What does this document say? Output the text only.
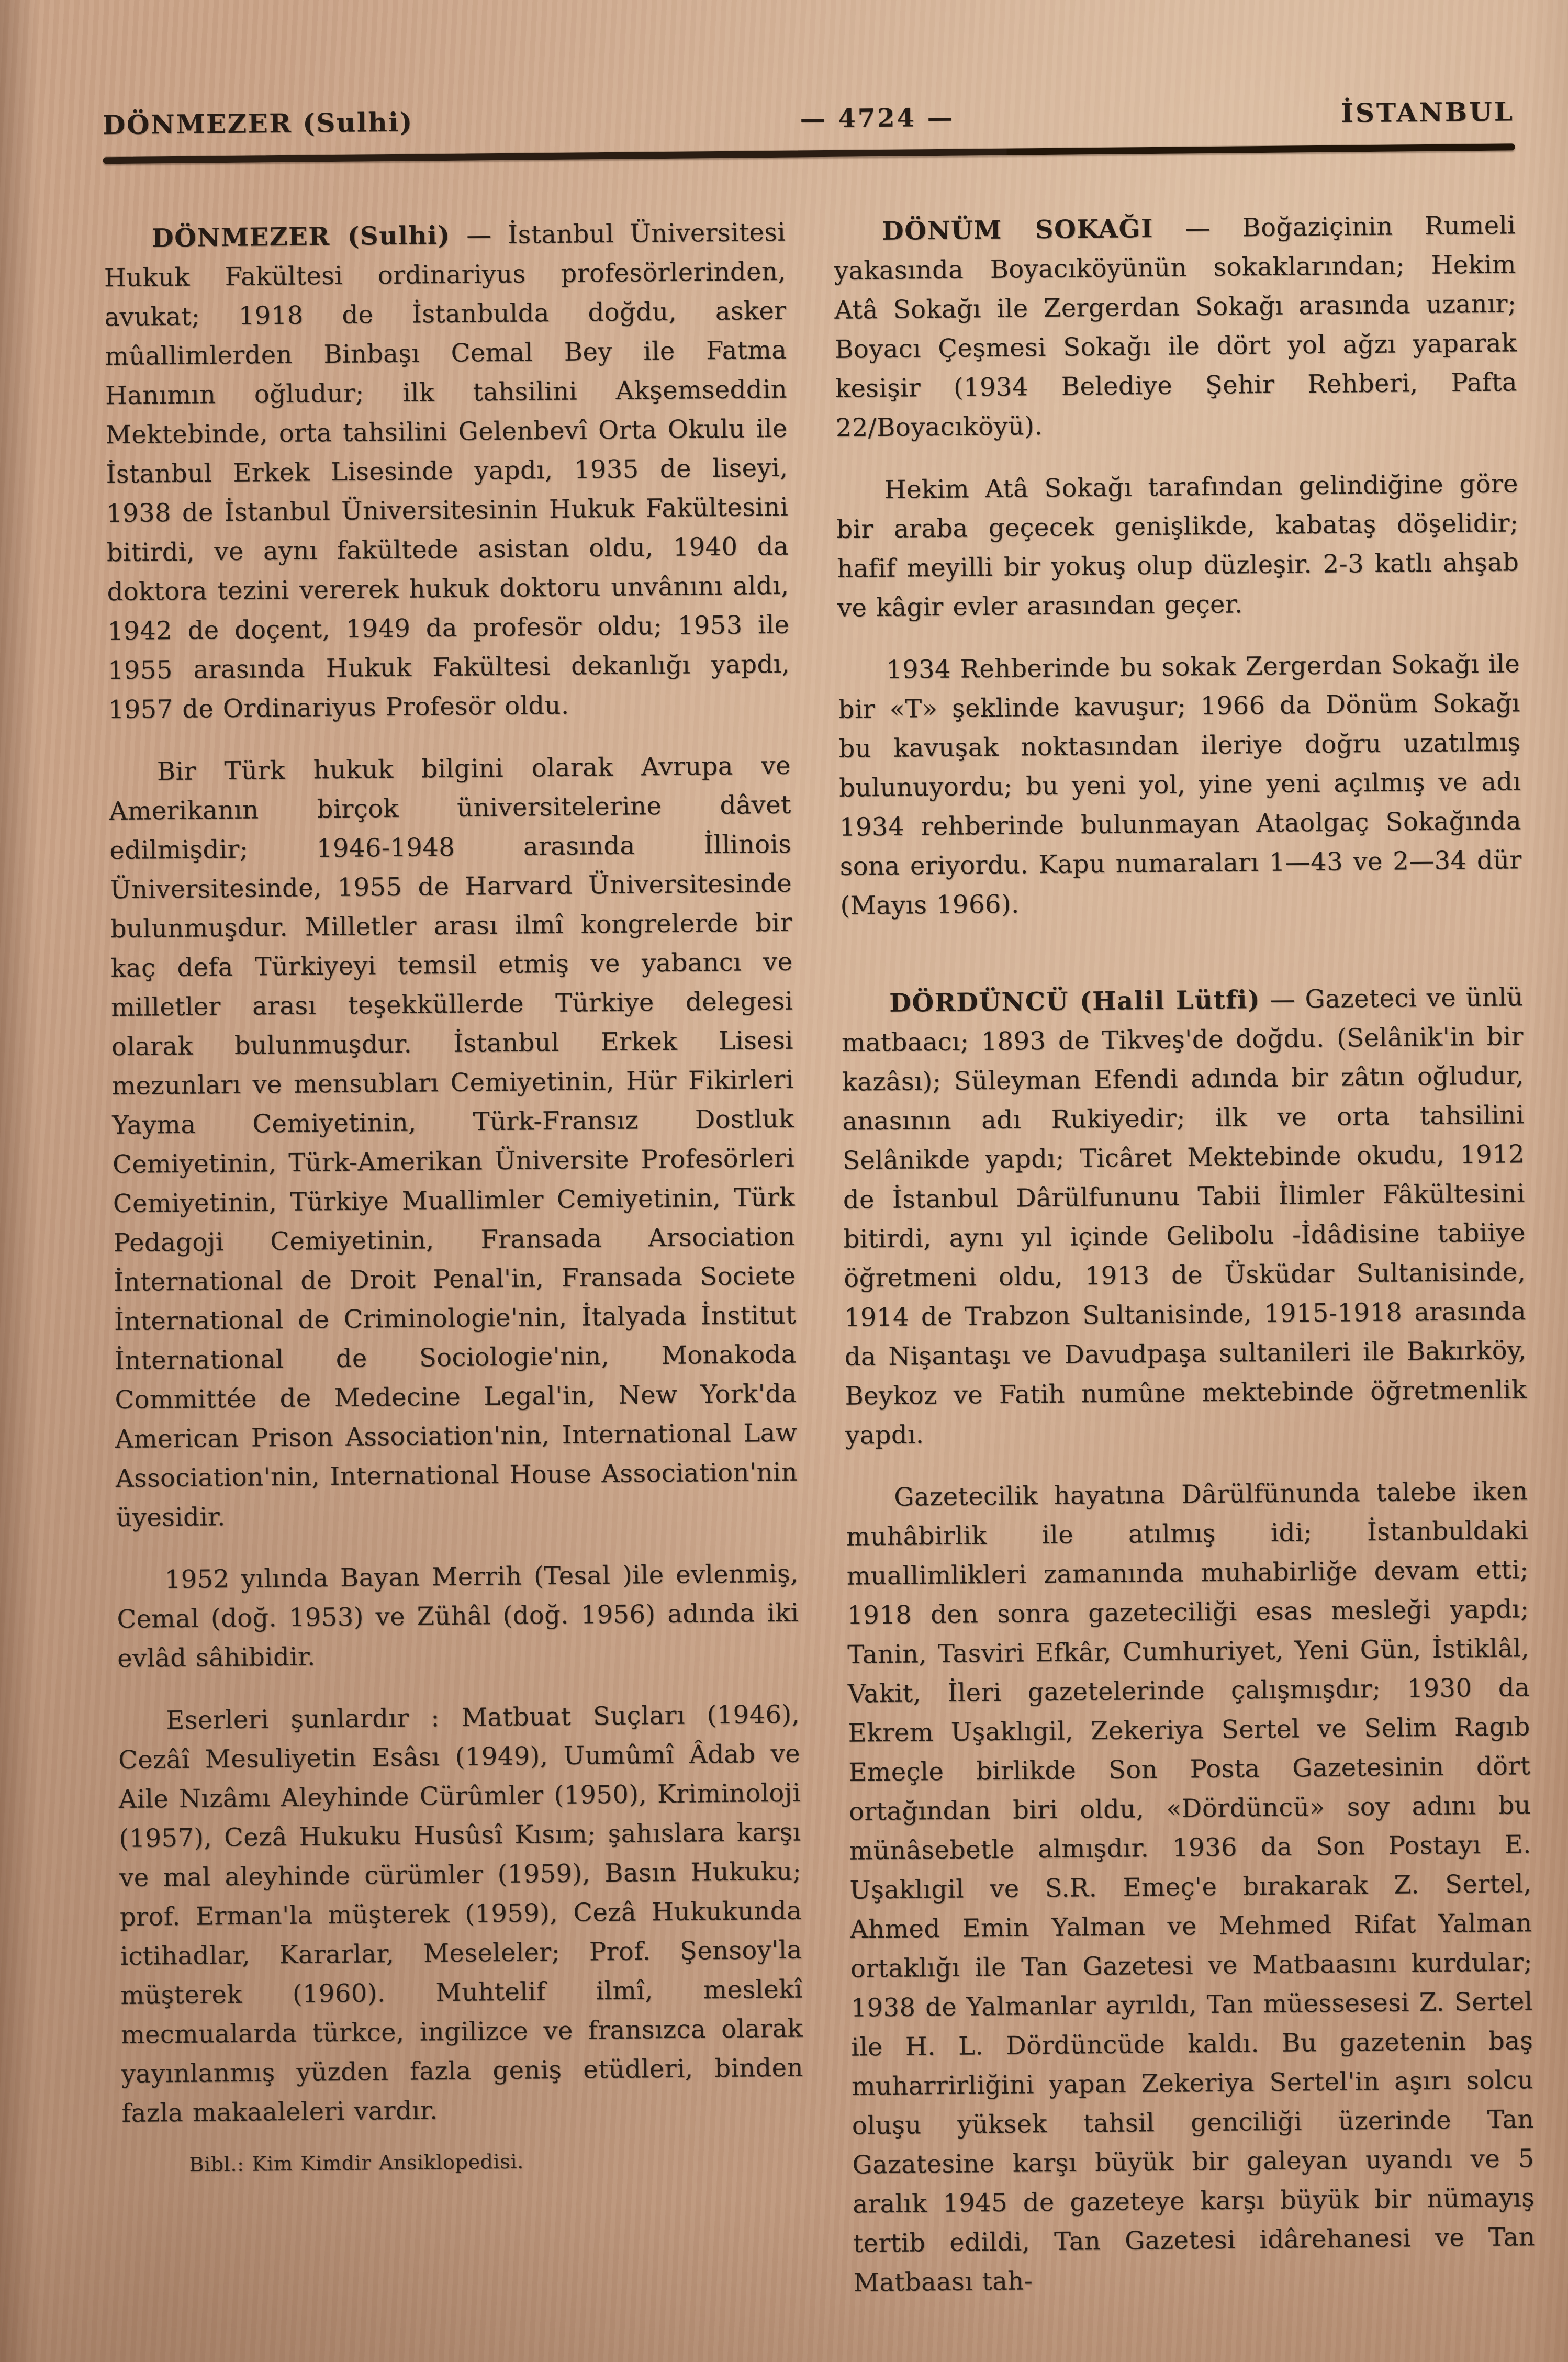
DÖNMEZER (Sulhi)	— 4724 —	İSTANBUL

DÖNMEZER (Sulhi) — İstanbul Üniversitesi Hukuk Fakültesi ordinariyus profesörlerinden, avukat; 1918 de İstanbulda doğdu, asker mûallimlerden Binbaşı Cemal Bey ile Fatma Hanımın oğludur; ilk tahsilini Akşemseddin Mektebinde, orta tahsilini Gelenbevî Orta Okulu ile İstanbul Erkek Lisesinde yapdı, 1935 de liseyi, 1938 de İstanbul Üniversitesinin Hukuk Fakültesini bitirdi, ve aynı fakültede asistan oldu, 1940 da doktora tezini vererek hukuk doktoru unvânını aldı, 1942 de doçent, 1949 da profesör oldu; 1953 ile 1955 arasında Hukuk Fakültesi dekanlığı yapdı, 1957 de Ordinariyus Profesör oldu.

Bir Türk hukuk bilgini olarak Avrupa ve Amerikanın birçok üniversitelerine dâvet edilmişdir; 1946-1948 arasında İllinois Üniversitesinde, 1955 de Harvard Üniversitesinde bulunmuşdur. Milletler arası ilmî kongrelerde bir kaç defa Türkiyeyi temsil etmiş ve yabancı ve milletler arası teşekküllerde Türkiye delegesi olarak bulunmuşdur. İstanbul Erkek Lisesi mezunları ve mensubları Cemiyetinin, Hür Fikirleri Yayma Cemiyetinin, Türk-Fransız Dostluk Cemiyetinin, Türk-Amerikan Üniversite Profesörleri Cemiyetinin, Türkiye Muallimler Cemiyetinin, Türk Pedagoji Cemiyetinin, Fransada Arsociation İnternational de Droit Penal'in, Fransada Societe İnternational de Criminologie'nin, İtalyada İnstitut İnternational de Sociologie'nin, Monakoda Committée de Medecine Legal'in, New York'da American Prison Association'nin, International Law Association'nin, International House Association'nin üyesidir.

1952 yılında Bayan Merrih (Tesal )ile evlenmiş, Cemal (doğ. 1953) ve Zühâl (doğ. 1956) adında iki evlâd sâhibidir.

Eserleri şunlardır : Matbuat Suçları (1946), Cezâî Mesuliyetin Esâsı (1949), Uumûmî Âdab ve Aile Nızâmı Aleyhinde Cürûmler (1950), Kriminoloji (1957), Cezâ Hukuku Husûsî Kısım; şahıslara karşı ve mal aleyhinde cürümler (1959), Basın Hukuku; prof. Erman'la müşterek (1959), Cezâ Hukukunda ictihadlar, Kararlar, Meseleler; Prof. Şensoy'la müşterek (1960). Muhtelif ilmî, meslekî mecmualarda türkce, ingilizce ve fransızca olarak yayınlanmış yüzden fazla geniş etüdleri, binden fazla makaaleleri vardır.

Bibl.: Kim Kimdir Ansiklopedisi.

DÖNÜM SOKAĞI — Boğaziçinin Rumeli yakasında Boyacıköyünün sokaklarından; Hekim Atâ Sokağı ile Zergerdan Sokağı arasında uzanır; Boyacı Çeşmesi Sokağı ile dört yol ağzı yaparak kesişir (1934 Belediye Şehir Rehberi, Pafta 22/Boyacıköyü).

Hekim Atâ Sokağı tarafından gelindiğine göre bir araba geçecek genişlikde, kabataş döşelidir; hafif meyilli bir yokuş olup düzleşir. 2-3 katlı ahşab ve kâgir evler arasından geçer.

1934 Rehberinde bu sokak Zergerdan Sokağı ile bir «T» şeklinde kavuşur; 1966 da Dönüm Sokağı bu kavuşak noktasından ileriye doğru uzatılmış bulunuyordu; bu yeni yol, yine yeni açılmış ve adı 1934 rehberinde bulunmayan Ataolgaç Sokağında sona eriyordu. Kapu numaraları 1—43 ve 2—34 dür (Mayıs 1966).

DÖRDÜNCÜ (Halil Lütfi) — Gazeteci ve ünlü matbaacı; 1893 de Tikveş'de doğdu. (Selânik'in bir kazâsı); Süleyman Efendi adında bir zâtın oğludur, anasının adı Rukiyedir; ilk ve orta tahsilini Selânikde yapdı; Ticâret Mektebinde okudu, 1912 de İstanbul Dârülfununu Tabii İlimler Fâkültesini bitirdi, aynı yıl içinde Gelibolu -İdâdisine tabiiye öğretmeni oldu, 1913 de Üsküdar Sultanisinde, 1914 de Trabzon Sultanisinde, 1915-1918 arasında da Nişantaşı ve Davudpaşa sultanileri ile Bakırköy, Beykoz ve Fatih numûne mektebinde öğretmenlik yapdı.

Gazetecilik hayatına Dârülfünunda talebe iken muhâbirlik ile atılmış idi; İstanbuldaki muallimlikleri zamanında muhabirliğe devam etti; 1918 den sonra gazeteciliği esas mesleği yapdı; Tanin, Tasviri Efkâr, Cumhuriyet, Yeni Gün, İstiklâl, Vakit, İleri gazetelerinde çalışmışdır; 1930 da Ekrem Uşaklıgil, Zekeriya Sertel ve Selim Ragıb Emeçle birlikde Son Posta Gazetesinin dört ortağından biri oldu, «Dördüncü» soy adını bu münâsebetle almışdır. 1936 da Son Postayı E. Uşaklıgil ve S.R. Emeç'e bırakarak Z. Sertel, Ahmed Emin Yalman ve Mehmed Rifat Yalman ortaklığı ile Tan Gazetesi ve Matbaasını kurdular; 1938 de Yalmanlar ayrıldı, Tan müessesesi Z. Sertel ile H. L. Dördüncüde kaldı. Bu gazetenin baş muharrirliğini yapan Zekeriya Sertel'in aşırı solcu oluşu yüksek tahsil genciliği üzerinde Tan Gazatesine karşı büyük bir galeyan uyandı ve 5 aralık 1945 de gazeteye karşı büyük bir nümayış tertib edildi, Tan Gazetesi idârehanesi ve Tan Matbaası tah-
